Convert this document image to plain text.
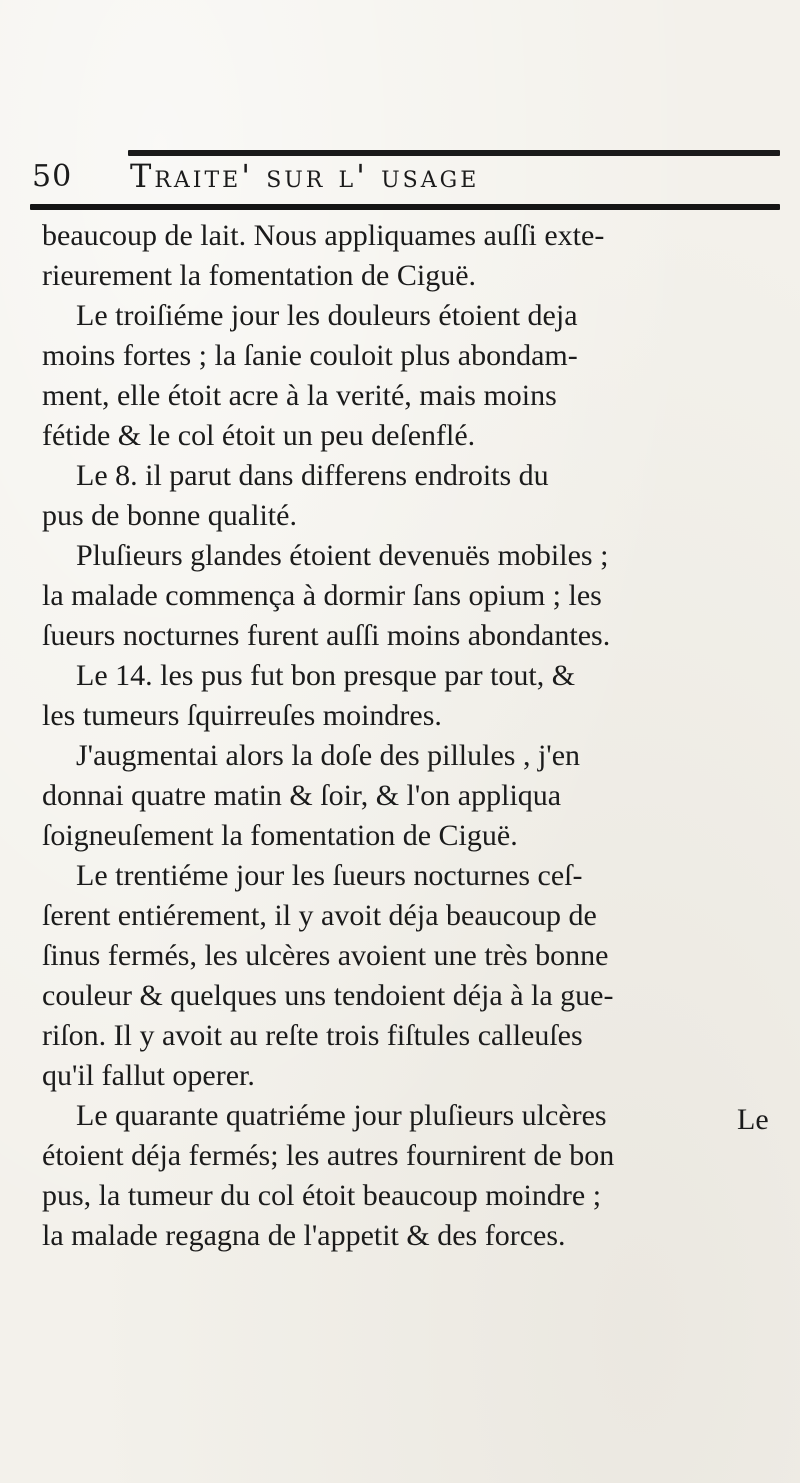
50 Traite' sur l' usage
beaucoup de lait. Nous appliquames auſſi exte-
rieurement la fomentation de Ciguë.
Le troiſiéme jour les douleurs étoient deja
moins fortes ; la ſanie couloit plus abondam-
ment, elle étoit acre à la verité, mais moins
fétide & le col étoit un peu deſenflé.
Le 8. il parut dans differens endroits du
pus de bonne qualité.
Pluſieurs glandes étoient devenuës mobiles ;
la malade commença à dormir ſans opium ; les
ſueurs nocturnes furent auſſi moins abondantes.
Le 14. les pus fut bon presque par tout, &
les tumeurs ſquirreuſes moindres.
J'augmentai alors la doſe des pillules , j'en
donnai quatre matin & ſoir, & l'on appliqua
ſoigneuſement la fomentation de Ciguë.
Le trentiéme jour les ſueurs nocturnes ceſ-
ſerent entiérement, il y avoit déja beaucoup de
ſinus fermés, les ulcères avoient une très bonne
couleur & quelques uns tendoient déja à la gue-
riſon. Il y avoit au reſte trois fiſtules calleuſes
qu'il fallut operer.
Le quarante quatriéme jour pluſieurs ulcères
étoient déja fermés; les autres fournirent de bon
pus, la tumeur du col étoit beaucoup moindre ;
la malade regagna de l'appetit & des forces.
Le
